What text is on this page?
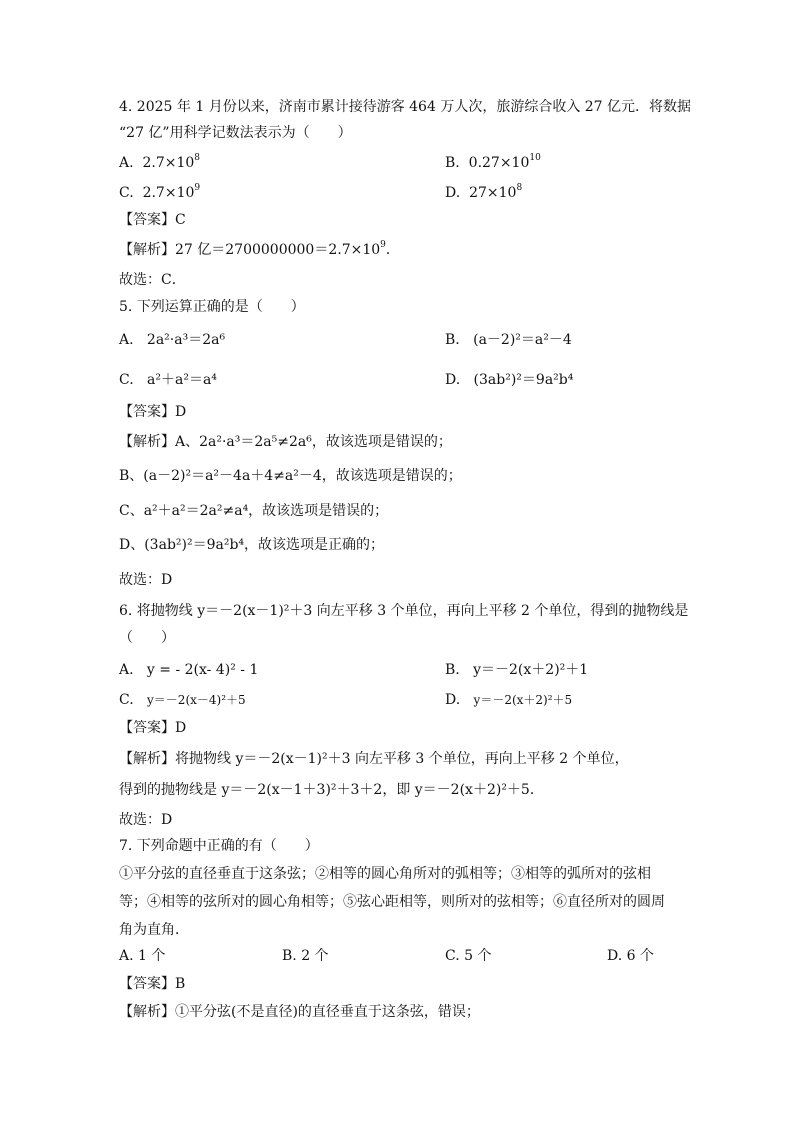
4. 2025 年 1 月份以来，济南市累计接待游客 464 万人次，旅游综合收入 27 亿元．将数据
“27 亿”用科学记数法表示为（　　）
A. $2.7\times 10^8$	B. $0.27\times 10^{10}$
C. $2.7\times 10^9$	D. $27\times 10^8$
【答案】C
【解析】27 亿$=2700000000=2.7\times 10^9$．
故选：C．
5. 下列运算正确的是（　　）
A. 2a²·a³＝2a⁶	B. (a－2)²＝a²－4
C. a²＋a²＝a⁴	D. (3ab²)²＝9a²b⁴
【答案】D
【解析】A、2a²·a³＝2a⁵≠2a⁶，故该选项是错误的；
B、(a－2)²＝a²－4a＋4≠a²－4，故该选项是错误的；
C、a²＋a²＝2a²≠a⁴，故该选项是错误的；
D、(3ab²)²＝9a²b⁴，故该选项是正确的；
故选：D
6. 将抛物线 y＝－2(x－1)²＋3 向左平移 3 个单位，再向上平移 2 个单位，得到的抛物线是
（　　）
A. y = - 2(x- 4)² - 1	B. y＝－2(x＋2)²＋1
C. y＝－2(x－4)²＋5	D. y＝－2(x＋2)²＋5
【答案】D
【解析】将抛物线 y＝－2(x－1)²＋3 向左平移 3 个单位，再向上平移 2 个单位，
得到的抛物线是 y＝－2(x－1＋3)²＋3＋2，即 y＝－2(x＋2)²＋5．
故选：D
7. 下列命题中正确的有（　　）
①平分弦的直径垂直于这条弦；②相等的圆心角所对的弧相等；③相等的弧所对的弦相
等；④相等的弦所对的圆心角相等；⑤弦心距相等，则所对的弦相等；⑥直径所对的圆周
角为直角．
A. 1 个	B. 2 个	C. 5 个	D. 6 个
【答案】B
【解析】①平分弦(不是直径)的直径垂直于这条弦，错误；
